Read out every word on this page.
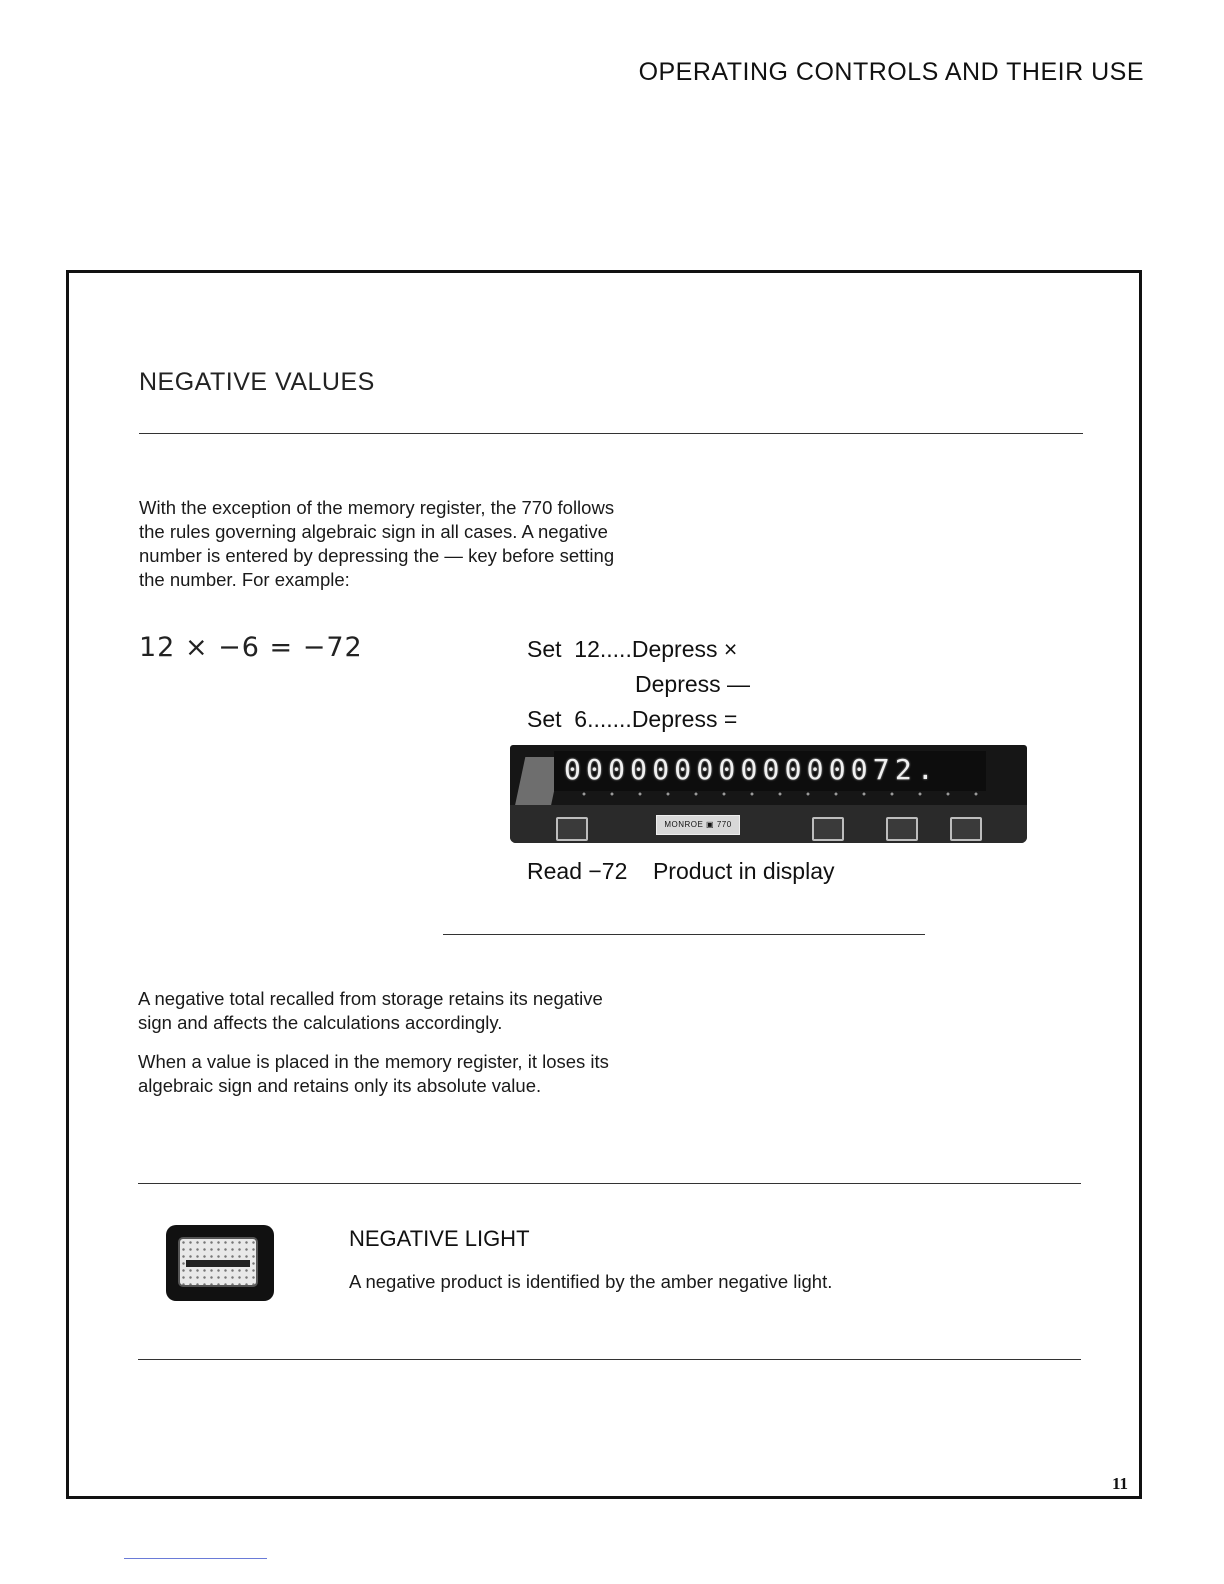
OPERATING CONTROLS AND THEIR USE
NEGATIVE VALUES
With the exception of the memory register, the 770 follows
the rules governing algebraic sign in all cases. A negative
number is entered by depressing the — key before setting
the number. For example:
12 × −6 = −72	Set  12.....Depress ×
Depress —
Set  6.......Depress =
0000000000000072.
MONROE ▣ 770
Read −72    Product in display
A negative total recalled from storage retains its negative
sign and affects the calculations accordingly.
When a value is placed in the memory register, it loses its
algebraic sign and retains only its absolute value.
NEGATIVE LIGHT
A negative product is identified by the amber negative light.
11
